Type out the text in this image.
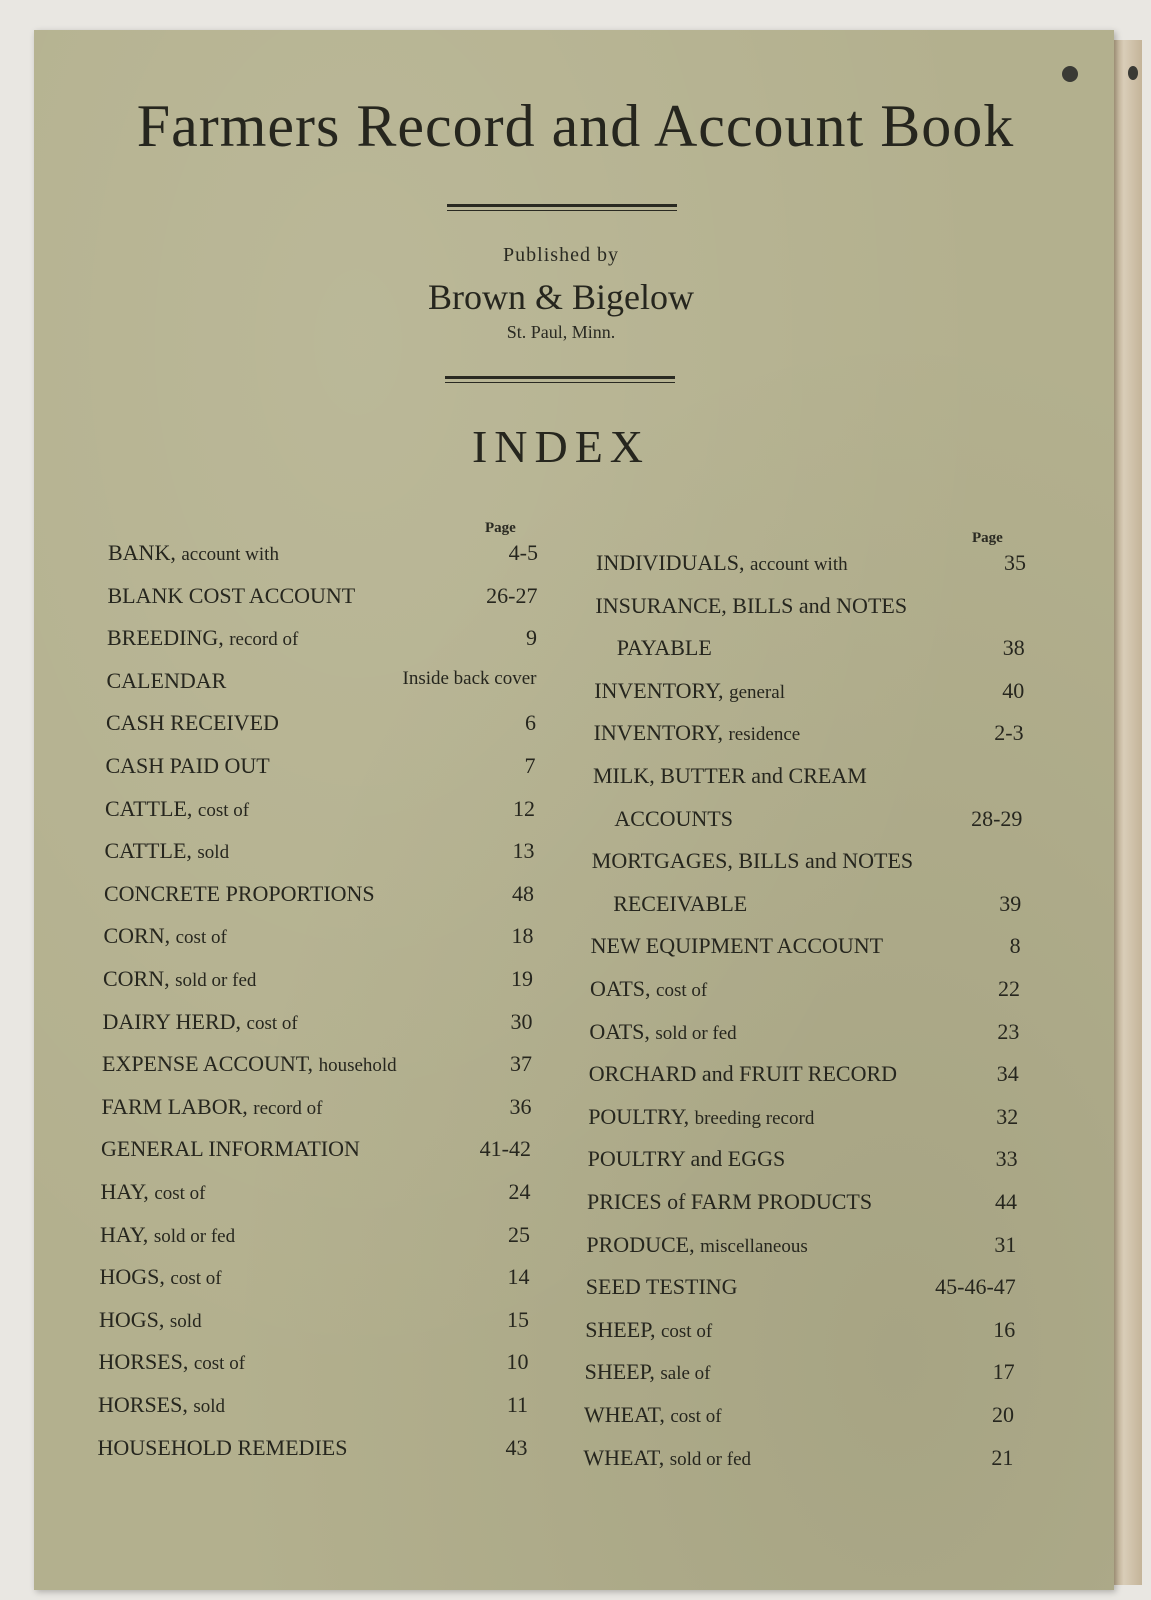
Farmers Record and Account Book
Published by
Brown & Bigelow
St. Paul, Minn.
INDEX
Page
Page
BANK, account with	4-5
BLANK COST ACCOUNT	26-27
BREEDING, record of	9
CALENDAR	Inside back cover
CASH RECEIVED	6
CASH PAID OUT	7
CATTLE, cost of	12
CATTLE, sold	13
CONCRETE PROPORTIONS	48
CORN, cost of	18
CORN, sold or fed	19
DAIRY HERD, cost of	30
EXPENSE ACCOUNT, household	37
FARM LABOR, record of	36
GENERAL INFORMATION	41-42
HAY, cost of	24
HAY, sold or fed	25
HOGS, cost of	14
HOGS, sold	15
HORSES, cost of	10
HORSES, sold	11
HOUSEHOLD REMEDIES	43
INDIVIDUALS, account with	35
INSURANCE, BILLS and NOTES
PAYABLE	38
INVENTORY, general	40
INVENTORY, residence	2-3
MILK, BUTTER and CREAM
ACCOUNTS	28-29
MORTGAGES, BILLS and NOTES
RECEIVABLE	39
NEW EQUIPMENT ACCOUNT	8
OATS, cost of	22
OATS, sold or fed	23
ORCHARD and FRUIT RECORD	34
POULTRY, breeding record	32
POULTRY and EGGS	33
PRICES of FARM PRODUCTS	44
PRODUCE, miscellaneous	31
SEED TESTING	45-46-47
SHEEP, cost of	16
SHEEP, sale of	17
WHEAT, cost of	20
WHEAT, sold or fed	21
